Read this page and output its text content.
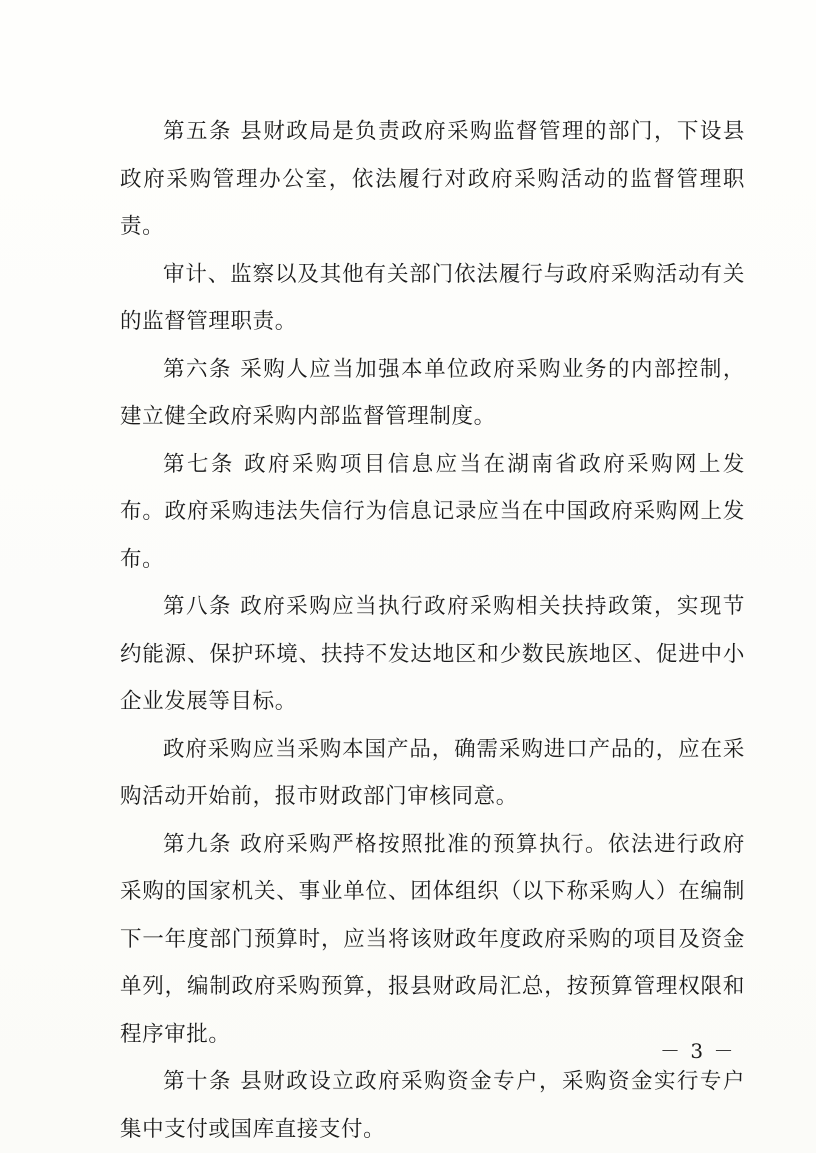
第五条 县财政局是负责政府采购监督管理的部门，下设县政府采购管理办公室，依法履行对政府采购活动的监督管理职责。

审计、监察以及其他有关部门依法履行与政府采购活动有关的监督管理职责。

第六条 采购人应当加强本单位政府采购业务的内部控制，建立健全政府采购内部监督管理制度。

第七条 政府采购项目信息应当在湖南省政府采购网上发布。政府采购违法失信行为信息记录应当在中国政府采购网上发布。

第八条 政府采购应当执行政府采购相关扶持政策，实现节约能源、保护环境、扶持不发达地区和少数民族地区、促进中小企业发展等目标。

政府采购应当采购本国产品，确需采购进口产品的，应在采购活动开始前，报市财政部门审核同意。

第九条 政府采购严格按照批准的预算执行。依法进行政府采购的国家机关、事业单位、团体组织（以下称采购人）在编制下一年度部门预算时，应当将该财政年度政府采购的项目及资金单列，编制政府采购预算，报县财政局汇总，按预算管理权限和程序审批。

第十条 县财政设立政府采购资金专户，采购资金实行专户集中支付或国库直接支付。

－ 3 －
